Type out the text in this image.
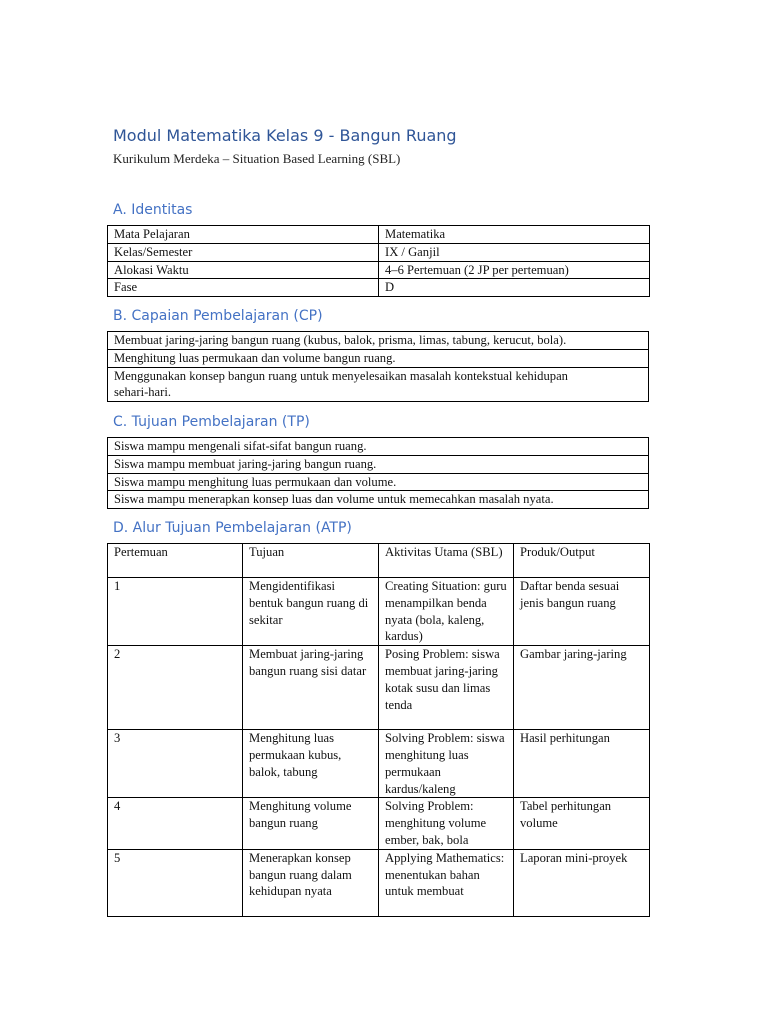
Modul Matematika Kelas 9 - Bangun Ruang
Kurikulum Merdeka – Situation Based Learning (SBL)
A. Identitas
Mata Pelajaran	Matematika
Kelas/Semester	IX / Ganjil
Alokasi Waktu	4–6 Pertemuan (2 JP per pertemuan)
Fase	D
B. Capaian Pembelajaran (CP)
Membuat jaring-jaring bangun ruang (kubus, balok, prisma, limas, tabung, kerucut, bola).
Menghitung luas permukaan dan volume bangun ruang.
Menggunakan konsep bangun ruang untuk menyelesaikan masalah kontekstual kehidupan sehari-hari.
C. Tujuan Pembelajaran (TP)
Siswa mampu mengenali sifat-sifat bangun ruang.
Siswa mampu membuat jaring-jaring bangun ruang.
Siswa mampu menghitung luas permukaan dan volume.
Siswa mampu menerapkan konsep luas dan volume untuk memecahkan masalah nyata.
D. Alur Tujuan Pembelajaran (ATP)
Pertemuan	Tujuan	Aktivitas Utama (SBL)	Produk/Output
1	Mengidentifikasi bentuk bangun ruang di sekitar	Creating Situation: guru menampilkan benda nyata (bola, kaleng, kardus)	Daftar benda sesuai jenis bangun ruang
2	Membuat jaring-jaring bangun ruang sisi datar	Posing Problem: siswa membuat jaring-jaring kotak susu dan limas tenda	Gambar jaring-jaring
3	Menghitung luas permukaan kubus, balok, tabung	Solving Problem: siswa menghitung luas permukaan kardus/kaleng	Hasil perhitungan
4	Menghitung volume bangun ruang	Solving Problem: menghitung volume ember, bak, bola	Tabel perhitungan volume
5	Menerapkan konsep bangun ruang dalam kehidupan nyata	Applying Mathematics: menentukan bahan untuk membuat	Laporan mini-proyek
